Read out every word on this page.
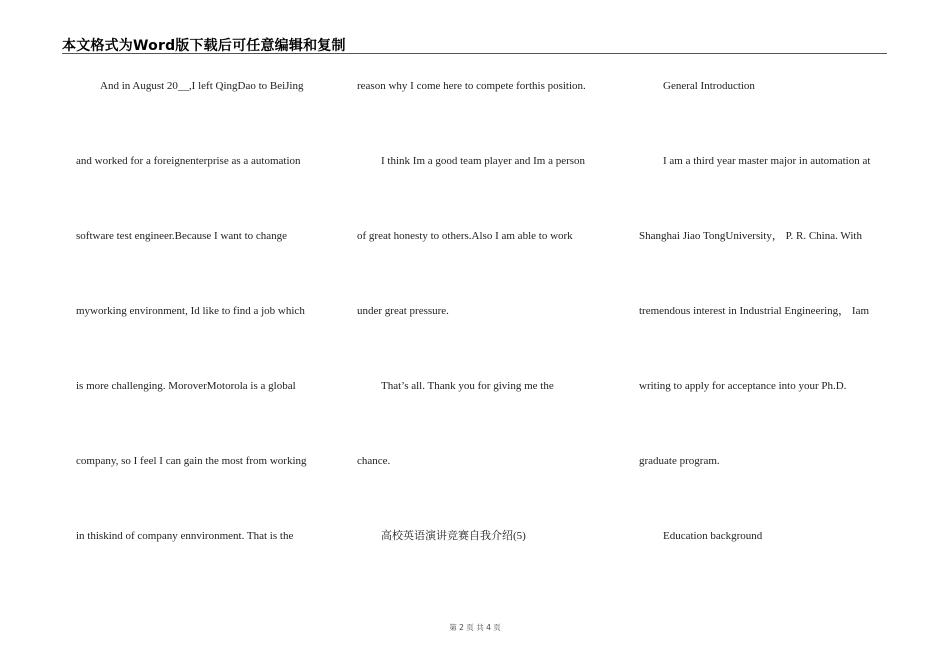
本文格式为Word版下载后可任意编辑和复制
And in August 20__,I left QingDao to BeiJing
and worked for a foreignenterprise as a automation
software test engineer.Because I want to change
myworking environment, Id like to find a job which
is more challenging. MoroverMotorola is a global
company, so I feel I can gain the most from working
in thiskind of company ennvironment. That is the
reason why I come here to compete forthis position.
I think Im a good team player and Im a person
of great honesty to others.Also I am able to work
under great pressure.
That’s all. Thank you for giving me the
chance.
高校英语演讲竞赛自我介绍(5)
General Introduction
I am a third year master major in automation at
Shanghai Jiao TongUniversity， P. R. China. With
tremendous interest in Industrial Engineering， Iam
writing to apply for acceptance into your Ph.D.
graduate program.
Education background
第 2 页 共 4 页
